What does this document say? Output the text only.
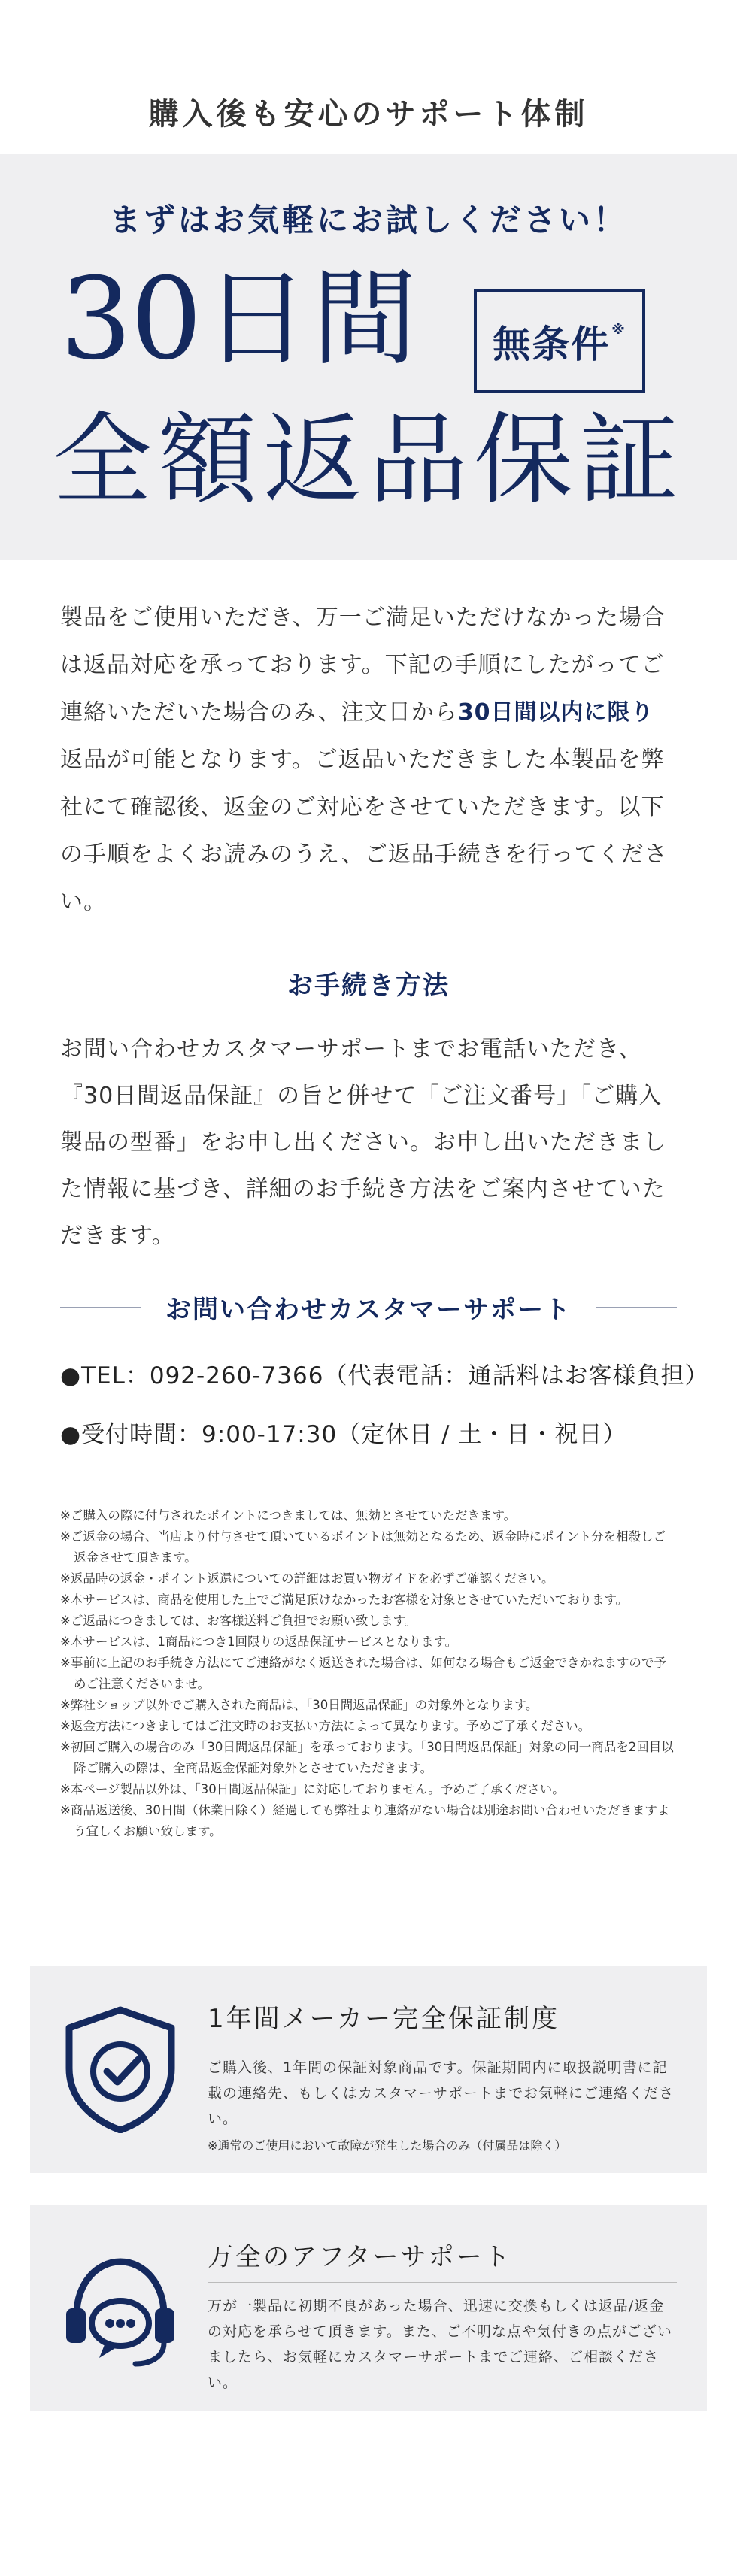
購入後も安心のサポート体制
まずはお気軽にお試しください！
30 日間 無条件※
全額返品保証
製品をご使用いただき、万一ご満足いただけなかった場合は返品対応を承っております。下記の手順にしたがってご連絡いただいた場合のみ、注文日から30日間以内に限り返品が可能となります。ご返品いただきました本製品を弊社にて確認後、返金のご対応をさせていただきます。以下の手順をよくお読みのうえ、ご返品手続きを行ってください。
お手続き方法
お問い合わせカスタマーサポートまでお電話いただき、『30日間返品保証』の旨と併せて「ご注文番号」「ご購入製品の型番」をお申し出ください。お申し出いただきました情報に基づき、詳細のお手続き方法をご案内させていただきます。
お問い合わせカスタマーサポート
●TEL：092-260-7366（代表電話：通話料はお客様負担）
●受付時間：9:00-17:30（定休日 / 土・日・祝日）
※ご購入の際に付与されたポイントにつきましては、無効とさせていただきます。
※ご返金の場合、当店より付与させて頂いているポイントは無効となるため、返金時にポイント分を相殺しご返金させて頂きます。
※返品時の返金・ポイント返還についての詳細はお買い物ガイドを必ずご確認ください。
※本サービスは、商品を使用した上でご満足頂けなかったお客様を対象とさせていただいております。
※ご返品につきましては、お客様送料ご負担でお願い致します。
※本サービスは、1商品につき1回限りの返品保証サービスとなります。
※事前に上記のお手続き方法にてご連絡がなく返送された場合は、如何なる場合もご返金できかねますので予めご注意くださいませ。
※弊社ショップ以外でご購入された商品は、「30日間返品保証」の対象外となります。
※返金方法につきましてはご注文時のお支払い方法によって異なります。予めご了承ください。
※初回ご購入の場合のみ「30日間返品保証」を承っております。「30日間返品保証」対象の同一商品を2回目以降ご購入の際は、全商品返金保証対象外とさせていただきます。
※本ページ製品以外は、「30日間返品保証」に対応しておりません。予めご了承ください。
※商品返送後、30日間（休業日除く）経過しても弊社より連絡がない場合は別途お問い合わせいただきますよう宜しくお願い致します。
1年間メーカー完全保証制度
ご購入後、1年間の保証対象商品です。保証期間内に取扱説明書に記載の連絡先、もしくはカスタマーサポートまでお気軽にご連絡ください。
※通常のご使用において故障が発生した場合のみ（付属品は除く）
万全のアフターサポート
万が一製品に初期不良があった場合、迅速に交換もしくは返品/返金の対応を承らせて頂きます。また、ご不明な点や気付きの点がございましたら、お気軽にカスタマーサポートまでご連絡、ご相談ください。
